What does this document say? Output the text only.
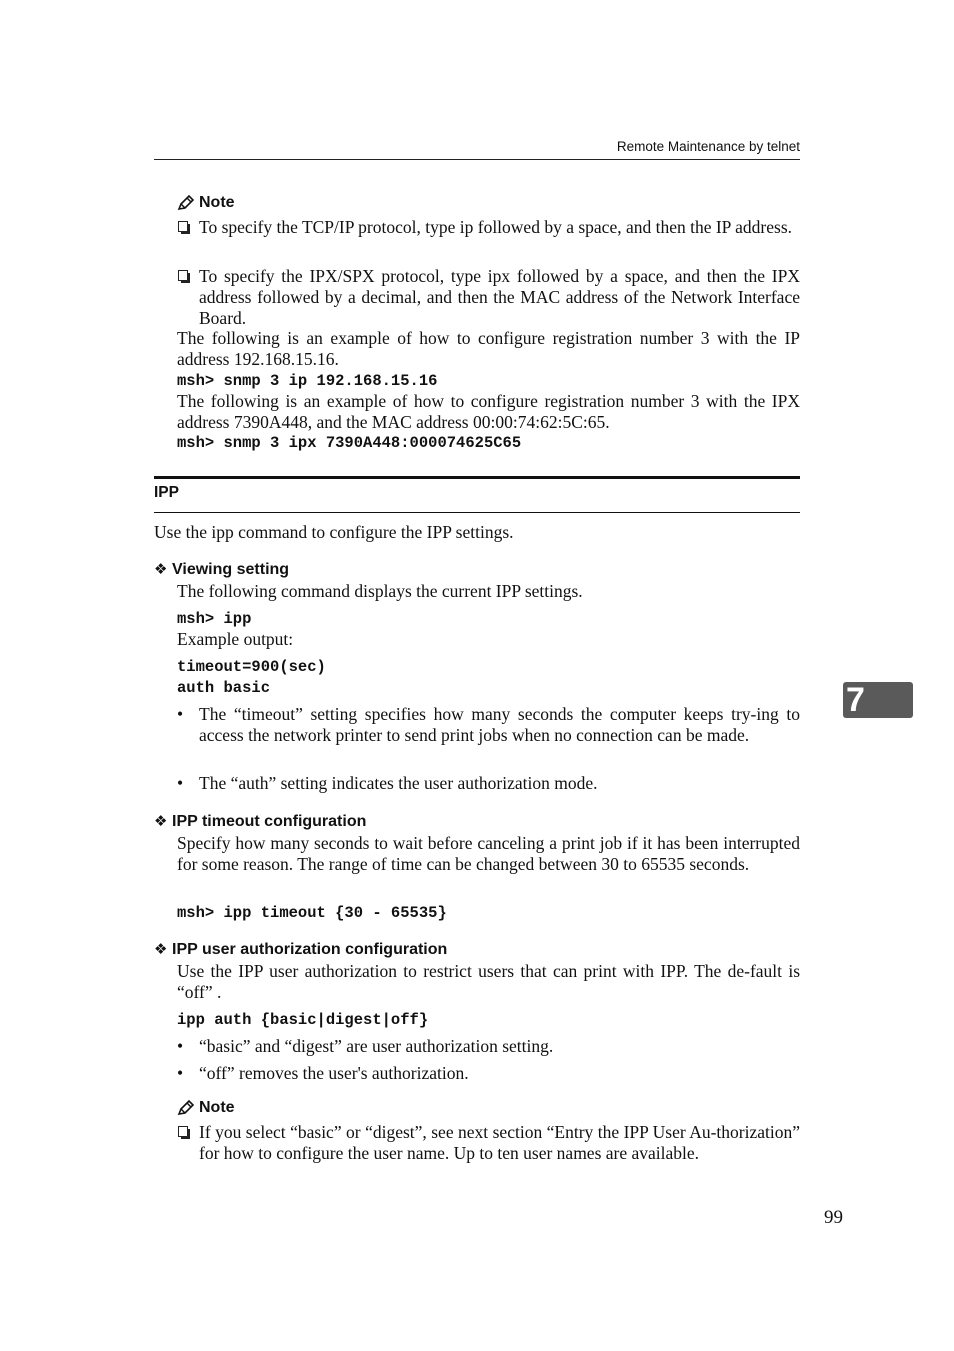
Remote Maintenance by telnet
Note
To specify the TCP/IP protocol, type ip followed by a space, and then the IP address.
To specify the IPX/SPX protocol, type ipx followed by a space, and then the IPX address followed by a decimal, and then the MAC address of the Network Interface Board.
The following is an example of how to configure registration number 3 with the IP address 192.168.15.16.
msh> snmp 3 ip 192.168.15.16
The following is an example of how to configure registration number 3 with the IPX address 7390A448, and the MAC address 00:00:74:62:5C:65.
msh> snmp 3 ipx 7390A448:000074625C65
IPP
Use the ipp command to configure the IPP settings.
❖ Viewing setting
The following command displays the current IPP settings.
msh> ipp
Example output:
timeout=900(sec)
auth basic
• The “timeout” setting specifies how many seconds the computer keeps try-ing to access the network printer to send print jobs when no connection can be made.
• The “auth” setting indicates the user authorization mode.
❖ IPP timeout configuration
Specify how many seconds to wait before canceling a print job if it has been interrupted for some reason. The range of time can be changed between 30 to 65535 seconds.
msh> ipp timeout {30 - 65535}
❖ IPP user authorization configuration
Use the IPP user authorization to restrict users that can print with IPP. The de-fault is “off” .
ipp auth {basic|digest|off}
• “basic” and “digest” are user authorization setting.
• “off” removes the user's authorization.
Note
If you select “basic” or “digest”, see next section “Entry the IPP User Au-thorization” for how to configure the user name. Up to ten user names are available.
7
99
